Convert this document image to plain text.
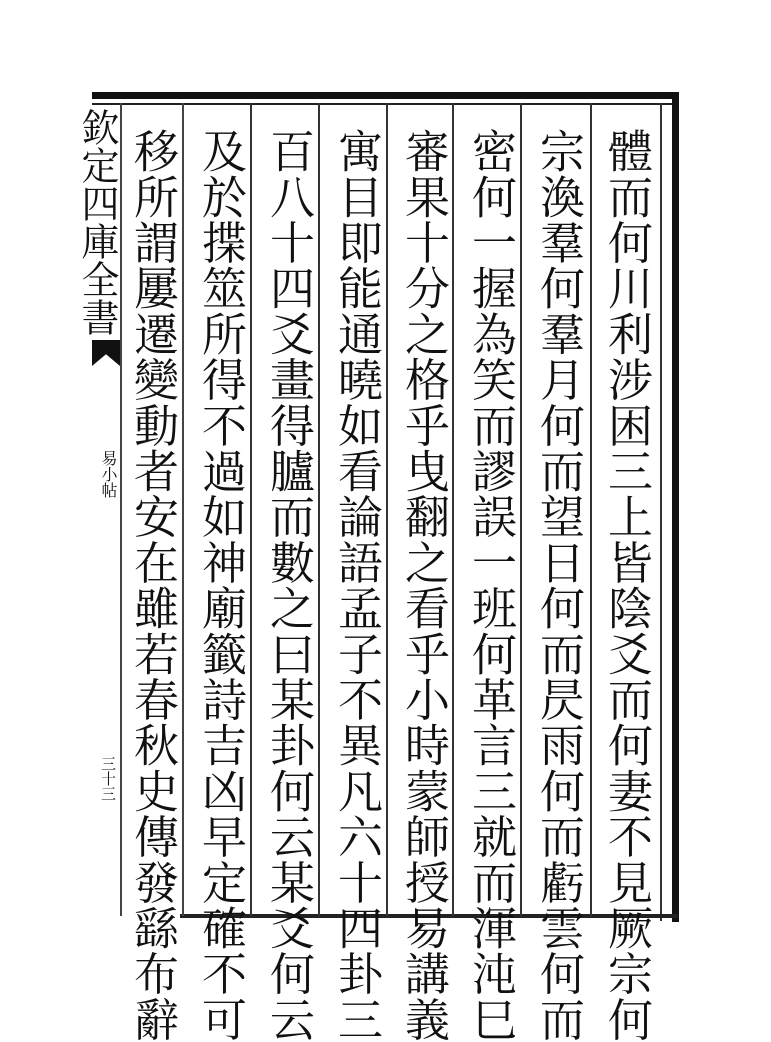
體而何川利涉困三上皆陰爻而何妻不見厥宗何
宗渙羣何羣月何而望日何而昃雨何而虧雲何而
密何一握為笑而謬誤一班何革言三就而渾沌巳
審果十分之格乎曳翻之看乎小時蒙師授易講義
寓目即能通曉如看論語孟子不異凡六十四卦三
百八十四爻畫得臚而數之曰某卦何云某爻何云
及於揲筮所得不過如神廟籤詩吉凶早定確不可
移所謂屢遷變動者安在雖若春秋史傳發繇布辭
欽定四庫全書
易小帖
三十三
